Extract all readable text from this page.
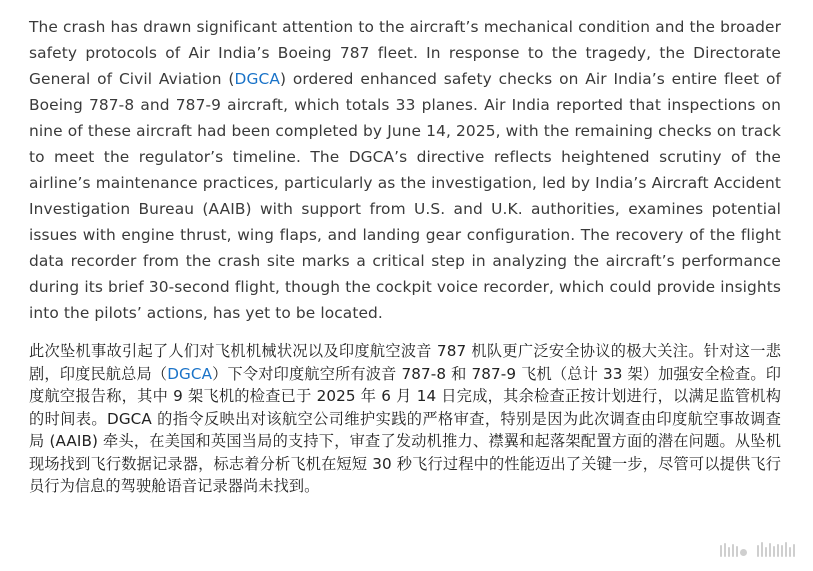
The crash has drawn significant attention to the aircraft’s mechanical condition and the broader safety protocols of Air India’s Boeing 787 fleet. In response to the tragedy, the Directorate General of Civil Aviation (DGCA) ordered enhanced safety checks on Air India’s entire fleet of Boeing 787-8 and 787-9 aircraft, which totals 33 planes. Air India reported that inspections on nine of these aircraft had been completed by June 14, 2025, with the remaining checks on track to meet the regulator’s timeline. The DGCA’s directive reflects heightened scrutiny of the airline’s maintenance practices, particularly as the investigation, led by India’s Aircraft Accident Investigation Bureau (AAIB) with support from U.S. and U.K. authorities, examines potential issues with engine thrust, wing flaps, and landing gear configuration. The recovery of the flight data recorder from the crash site marks a critical step in analyzing the aircraft’s performance during its brief 30-second flight, though the cockpit voice recorder, which could provide insights into the pilots’ actions, has yet to be located.

此次坠机事故引起了人们对飞机机械状况以及印度航空波音 787 机队更广泛安全协议的极大关注。针对这一悲剧，印度民航总局（DGCA）下令对印度航空所有波音 787-8 和 787-9 飞机（总计 33 架）加强安全检查。印度航空报告称，其中 9 架飞机的检查已于 2025 年 6 月 14 日完成，其余检查正按计划进行，以满足监管机构的时间表。DGCA 的指令反映出对该航空公司维护实践的严格审查，特别是因为此次调查由印度航空事故调查局 (AAIB) 牵头，在美国和英国当局的支持下，审查了发动机推力、襟翼和起落架配置方面的潜在问题。从坠机现场找到飞行数据记录器，标志着分析飞机在短短 30 秒飞行过程中的性能迈出了关键一步，尽管可以提供飞行员行为信息的驾驶舱语音记录器尚未找到。
